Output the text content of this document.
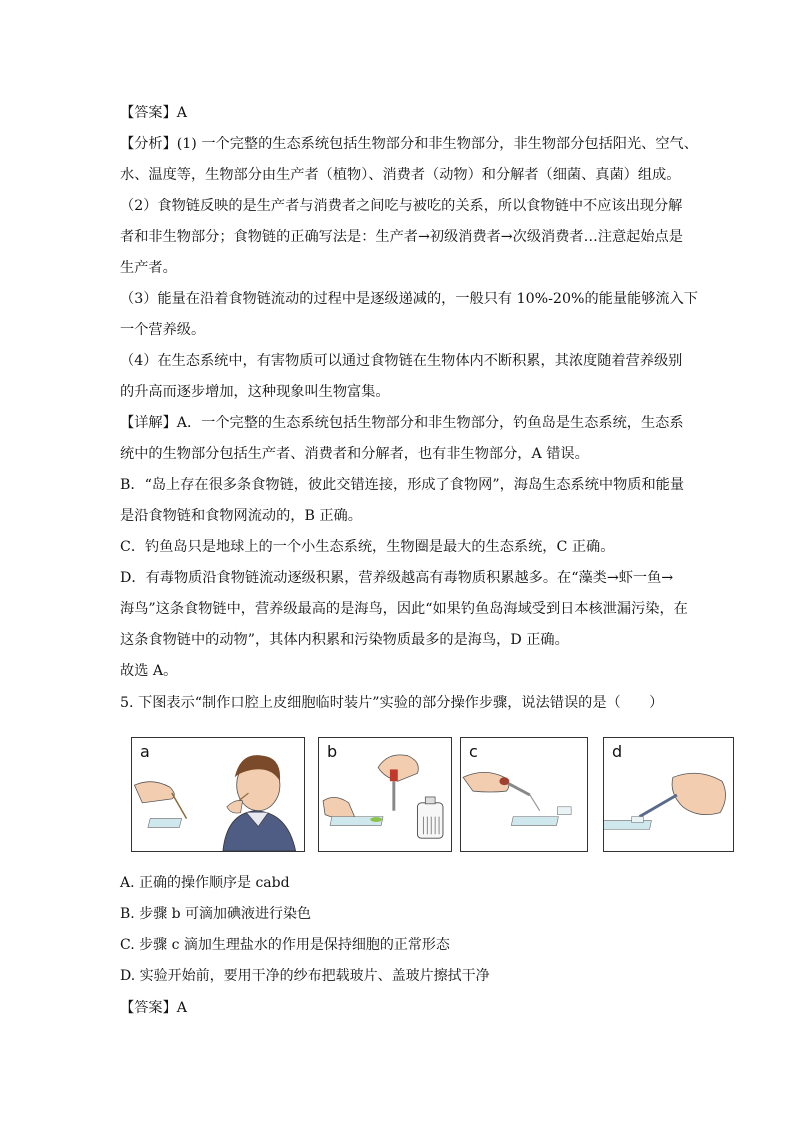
【答案】A
【分析】(1) 一个完整的生态系统包括生物部分和非生物部分，非生物部分包括阳光、空气、
水、温度等，生物部分由生产者（植物）、消费者（动物）和分解者（细菌、真菌）组成。
（2）食物链反映的是生产者与消费者之间吃与被吃的关系，所以食物链中不应该出现分解
者和非生物部分；食物链的正确写法是：生产者→初级消费者→次级消费者…注意起始点是
生产者。
（3）能量在沿着食物链流动的过程中是逐级递减的，一般只有 10%-20%的能量能够流入下
一个营养级。
（4）在生态系统中，有害物质可以通过食物链在生物体内不断积累，其浓度随着营养级别
的升高而逐步增加，这种现象叫生物富集。
【详解】A．一个完整的生态系统包括生物部分和非生物部分，钓鱼岛是生态系统，生态系
统中的生物部分包括生产者、消费者和分解者，也有非生物部分，A 错误。
B．“岛上存在很多条食物链，彼此交错连接，形成了食物网”，海岛生态系统中物质和能量
是沿食物链和食物网流动的，B 正确。
C．钓鱼岛只是地球上的一个小生态系统，生物圈是最大的生态系统，C 正确。
D．有毒物质沿食物链流动逐级积累，营养级越高有毒物质积累越多。在“藻类→虾一鱼→
海鸟”这条食物链中，营养级最高的是海鸟，因此“如果钓鱼岛海域受到日本核泄漏污染，在
这条食物链中的动物”，其体内积累和污染物质最多的是海鸟，D 正确。
故选 A。
5. 下图表示“制作口腔上皮细胞临时装片”实验的部分操作步骤，说法错误的是（　　）
a	b	c	d
A. 正确的操作顺序是 cabd
B. 步骤 b 可滴加碘液进行染色
C. 步骤 c 滴加生理盐水的作用是保持细胞的正常形态
D. 实验开始前，要用干净的纱布把载玻片、盖玻片擦拭干净
【答案】A
